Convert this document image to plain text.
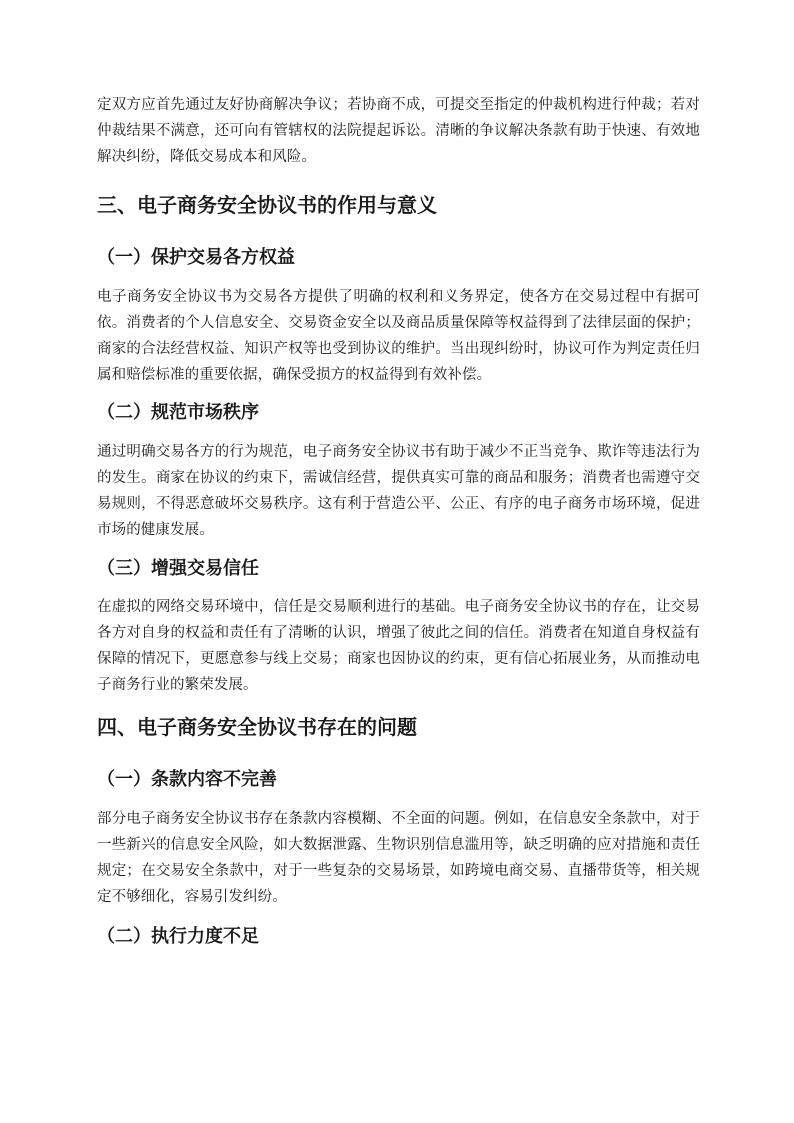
定双方应首先通过友好协商解决争议；若协商不成，可提交至指定的仲裁机构进行仲裁；若对仲裁结果不满意，还可向有管辖权的法院提起诉讼。清晰的争议解决条款有助于快速、有效地解决纠纷，降低交易成本和风险。

三、电子商务安全协议书的作用与意义
（一）保护交易各方权益

电子商务安全协议书为交易各方提供了明确的权利和义务界定，使各方在交易过程中有据可依。消费者的个人信息安全、交易资金安全以及商品质量保障等权益得到了法律层面的保护；商家的合法经营权益、知识产权等也受到协议的维护。当出现纠纷时，协议可作为判定责任归属和赔偿标准的重要依据，确保受损方的权益得到有效补偿。

（二）规范市场秩序

通过明确交易各方的行为规范，电子商务安全协议书有助于减少不正当竞争、欺诈等违法行为的发生。商家在协议的约束下，需诚信经营，提供真实可靠的商品和服务；消费者也需遵守交易规则，不得恶意破坏交易秩序。这有利于营造公平、公正、有序的电子商务市场环境，促进市场的健康发展。

（三）增强交易信任

在虚拟的网络交易环境中，信任是交易顺利进行的基础。电子商务安全协议书的存在，让交易各方对自身的权益和责任有了清晰的认识，增强了彼此之间的信任。消费者在知道自身权益有保障的情况下，更愿意参与线上交易；商家也因协议的约束，更有信心拓展业务，从而推动电子商务行业的繁荣发展。

四、电子商务安全协议书存在的问题
（一）条款内容不完善

部分电子商务安全协议书存在条款内容模糊、不全面的问题。例如，在信息安全条款中，对于一些新兴的信息安全风险，如大数据泄露、生物识别信息滥用等，缺乏明确的应对措施和责任规定；在交易安全条款中，对于一些复杂的交易场景，如跨境电商交易、直播带货等，相关规定不够细化，容易引发纠纷。

（二）执行力度不足
